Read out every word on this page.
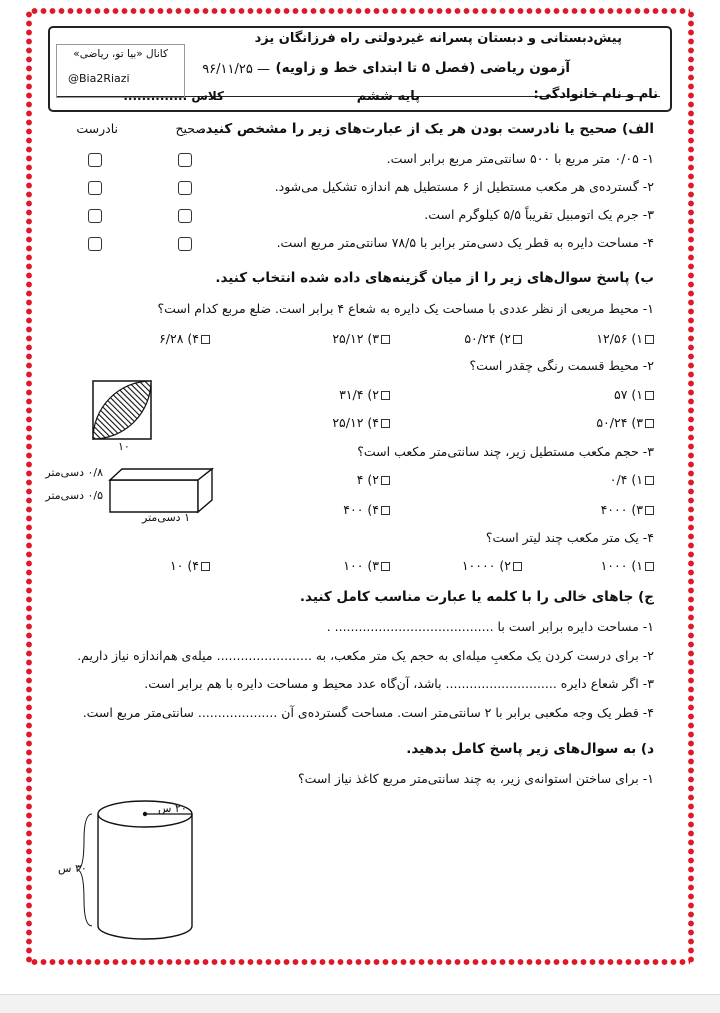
پیش‌دبستانی و دبستان پسرانه غیردولتی راه فرزانگان یزد
آزمون ریاضی (فصل ۵ تا ابتدای خط و زاویه)
— ۹۶/۱۱/۲۵
نام و نام خانوادگی:
پایه ششم
کلاس ..............
کانال «بیا تو، ریاضی»
@Bia2Riazi
الف) صحیح یا نادرست بودن هر یک از عبارت‌های زیر را مشخص کنید.
صحیح
نادرست
۱- ۰/۰۵ متر مربع با ۵۰۰ سانتی‌متر مربع برابر است.
۲- گسترده‌ی هر مکعب مستطیل از ۶ مستطیل هم اندازه تشکیل می‌شود.
۳- جرم یک اتومبیل تقریباً ۵/۵ کیلوگرم است.
۴- مساحت دایره به قطر یک دسی‌متر برابر با ۷۸/۵ سانتی‌متر مربع است.
ب) پاسخ سوال‌های زیر را از میان گزینه‌های داده شده انتخاب کنید.
۱- محیط مربعی از نظر عددی با مساحت یک دایره به شعاع ۴ برابر است. ضلع مربع کدام است؟
۱) ۱۲/۵۶
۲) ۵۰/۲۴
۳) ۲۵/۱۲
۴) ۶/۲۸
۲- محیط قسمت رنگی چقدر است؟
۱) ۵۷
۲) ۳۱/۴
۳) ۵۰/۲۴
۴) ۲۵/۱۲
۱۰	۳- حجم مکعب مستطیل زیر، چند سانتی‌متر مکعب است؟
۱) ۰/۴
۲) ۴
۳) ۴۰۰۰
۴) ۴۰۰
۰/۸ دسی‌متر
۰/۵ دسی‌متر
۱ دسی‌متر
۴- یک متر مکعب چند لیتر است؟
۱) ۱۰۰۰
۲) ۱۰۰۰۰
۳) ۱۰۰
۴) ۱۰
ج) جاهای خالی را با کلمه یا عبارت مناسب کامل کنید.
۱- مساحت دایره برابر است با ........................................ .
۲- برای درست کردن یک مکعبِ میله‌ای به حجم یک متر مکعب، به ........................ میله‌ی هم‌اندازه نیاز داریم.
۳- اگر شعاع دایره ............................ باشد، آن‌گاه عدد محیط و مساحت دایره با هم برابر است.
۴- قطر یک وجه مکعبی برابر با ۲ سانتی‌متر است. مساحت گسترده‌ی آن .................... سانتی‌متر مربع است.
د) به سوال‌های زیر پاسخ کامل بدهید.
۱- برای ساختن استوانه‌ی زیر، به چند سانتی‌متر مربع کاغذ نیاز است؟
۲۰ س
۳۰ س
